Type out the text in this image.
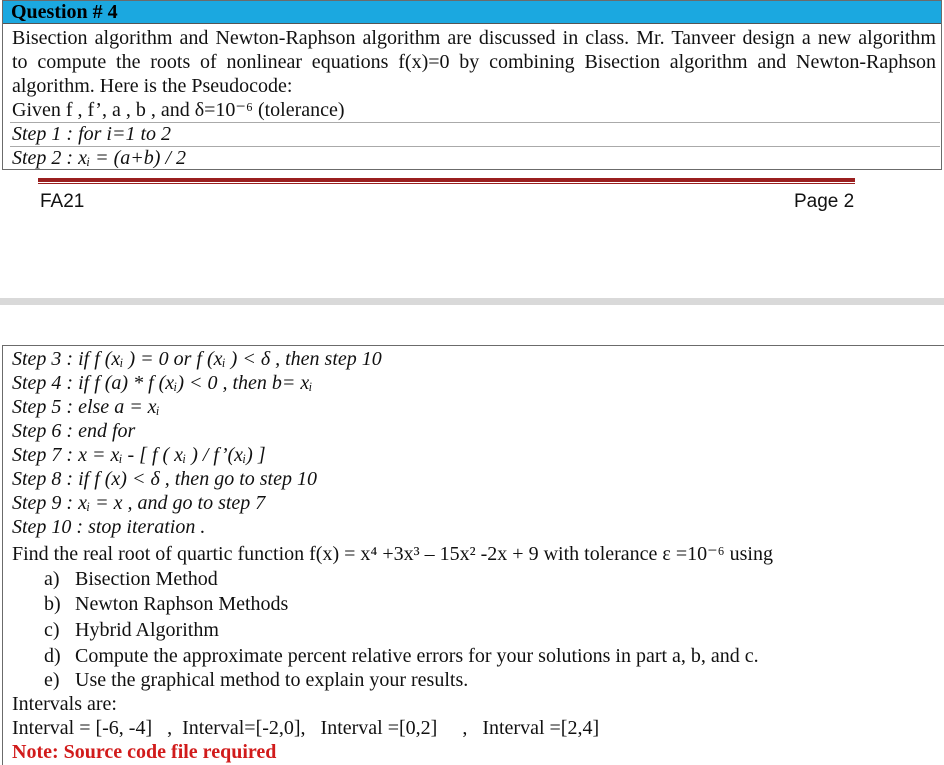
Question # 4
Bisection algorithm and Newton-Raphson algorithm are discussed in class. Mr. Tanveer design a new algorithm
to compute the roots of nonlinear equations f(x)=0 by combining Bisection algorithm and Newton-Raphson
algorithm. Here is the Pseudocode:
Given f , f’, a , b , and δ=10⁻⁶ (tolerance)
Step 1 : for i=1 to 2
Step 2 : xᵢ = (a+b) / 2
FA21	Page 2
Step 3 : if f (xᵢ ) = 0 or f (xᵢ ) < δ , then step 10
Step 4 : if f (a) * f (xᵢ) < 0 , then b= xᵢ
Step 5 : else a = xᵢ
Step 6 : end for
Step 7 : x = xᵢ - [ f ( xᵢ ) / f’(xᵢ) ]
Step 8 : if f (x) < δ , then go to step 10
Step 9 : xᵢ = x , and go to step 7
Step 10 : stop iteration .
Find the real root of quartic function f(x) = x⁴ +3x³ – 15x² -2x + 9 with tolerance ε =10⁻⁶ using
a) Bisection Method
b) Newton Raphson Methods
c) Hybrid Algorithm
d) Compute the approximate percent relative errors for your solutions in part a, b, and c.
e) Use the graphical method to explain your results.
Intervals are:
Interval = [-6, -4]   ,  Interval=[-2,0],   Interval =[0,2]     ,   Interval =[2,4]
Note: Source code file required
